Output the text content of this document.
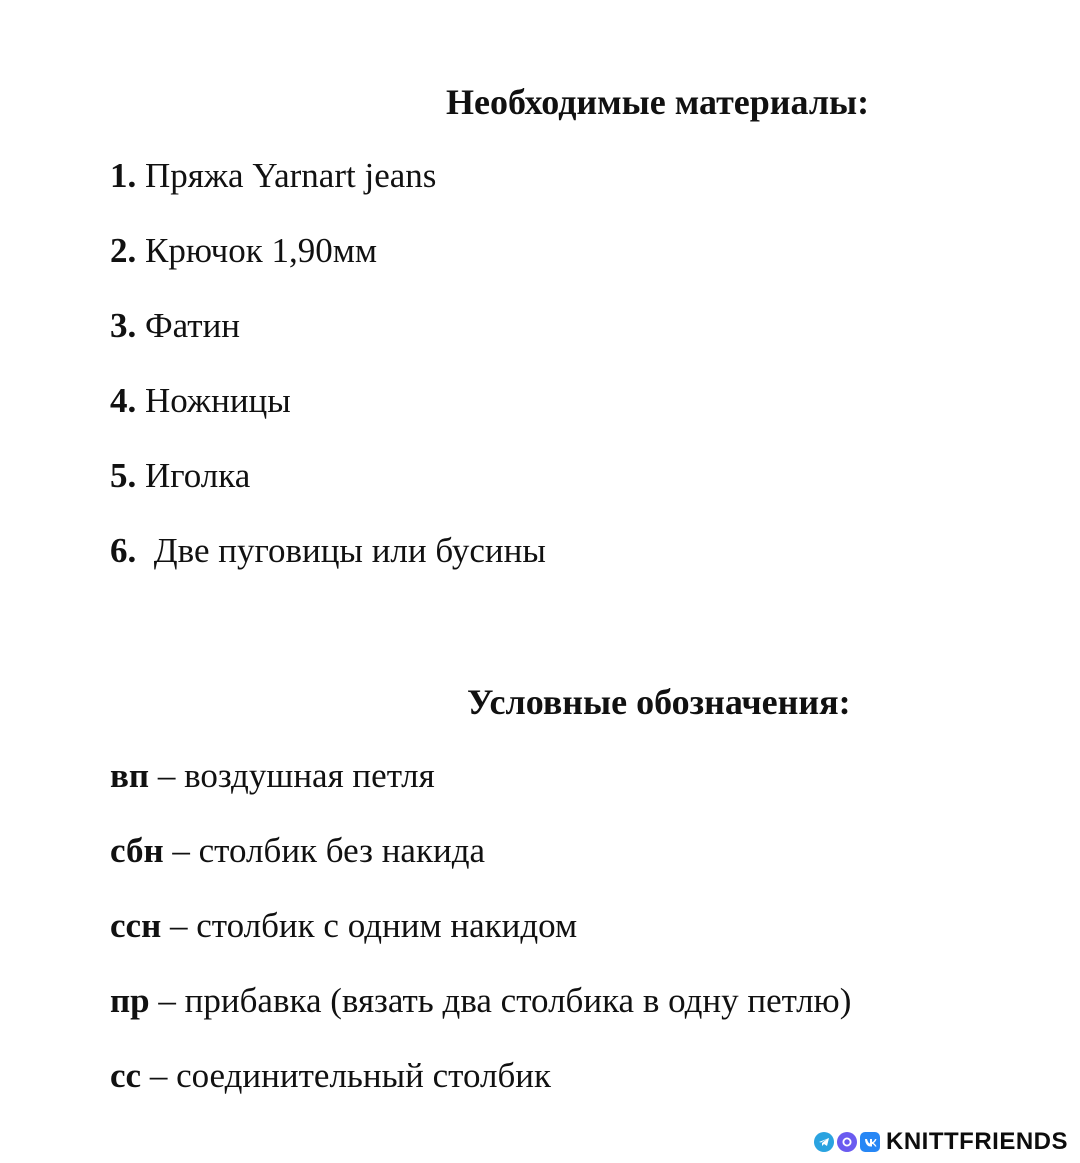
Необходимые материалы:
1. Пряжа Yarnart jeans
2. Крючок 1,90мм
3. Фатин
4. Ножницы
5. Иголка
6.  Две пуговицы или бусины
Условные обозначения:
вп – воздушная петля
сбн – столбик без накида
ссн – столбик с одним накидом
пр – прибавка (вязать два столбика в одну петлю)
сс – соединительный столбик
KNITTFRIENDS
